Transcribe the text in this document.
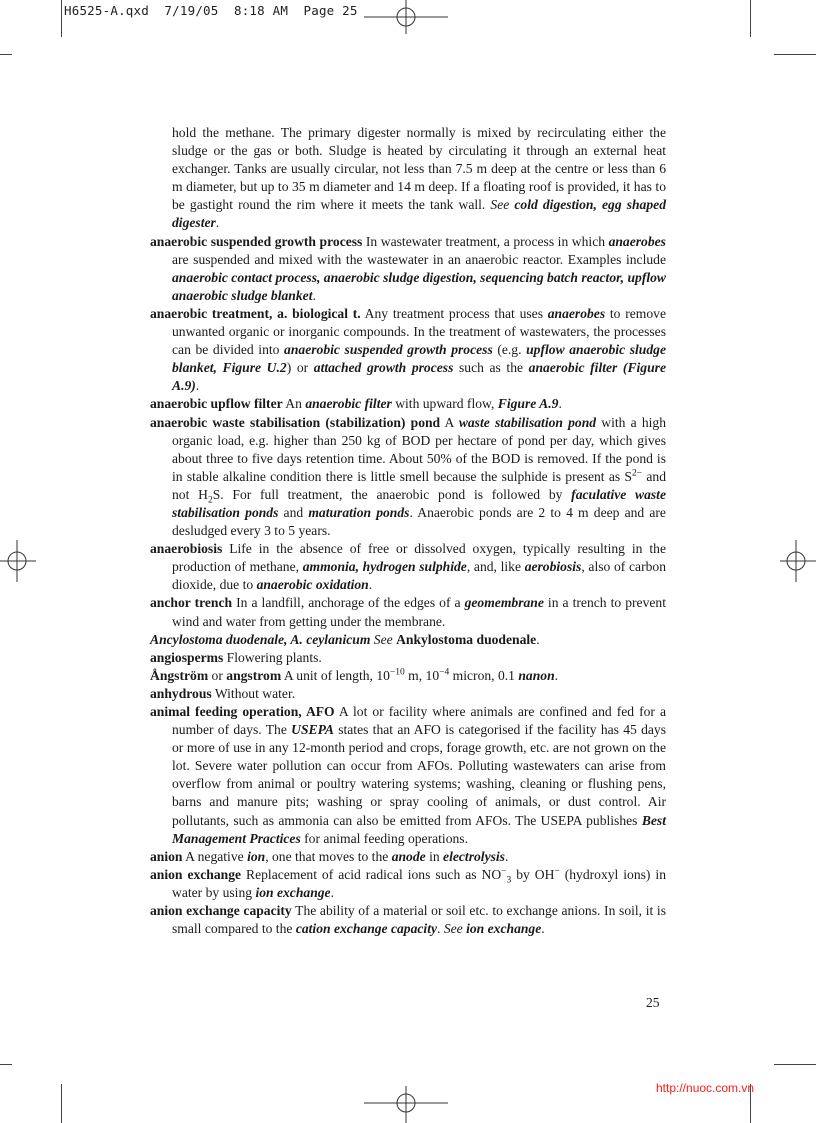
H6525-A.qxd  7/19/05  8:18 AM  Page 25

hold the methane. The primary digester normally is mixed by recirculating either the sludge or the gas or both. Sludge is heated by circulating it through an external heat exchanger. Tanks are usually circular, not less than 7.5 m deep at the centre or less than 6 m diameter, but up to 35 m diameter and 14 m deep. If a floating roof is provided, it has to be gastight round the rim where it meets the tank wall. See cold digestion, egg shaped digester.

anaerobic suspended growth process In wastewater treatment, a process in which anaerobes are suspended and mixed with the wastewater in an anaerobic reactor. Examples include anaerobic contact process, anaerobic sludge digestion, sequencing batch reactor, upflow anaerobic sludge blanket.

anaerobic treatment, a. biological t. Any treatment process that uses anaerobes to remove unwanted organic or inorganic compounds. In the treatment of wastewaters, the processes can be divided into anaerobic suspended growth process (e.g. upflow anaerobic sludge blanket, Figure U.2) or attached growth process such as the anaerobic filter (Figure A.9).

anaerobic upflow filter An anaerobic filter with upward flow, Figure A.9.

anaerobic waste stabilisation (stabilization) pond A waste stabilisation pond with a high organic load, e.g. higher than 250 kg of BOD per hectare of pond per day, which gives about three to five days retention time. About 50% of the BOD is removed. If the pond is in stable alkaline condition there is little smell because the sulphide is present as $S^{2-}$ and not $H_2S$. For full treatment, the anaerobic pond is followed by faculative waste stabilisation ponds and maturation ponds. Anaerobic ponds are 2 to 4 m deep and are desludged every 3 to 5 years.

anaerobiosis Life in the absence of free or dissolved oxygen, typically resulting in the production of methane, ammonia, hydrogen sulphide, and, like aerobiosis, also of carbon dioxide, due to anaerobic oxidation.

anchor trench In a landfill, anchorage of the edges of a geomembrane in a trench to prevent wind and water from getting under the membrane.

Ancylostoma duodenale, A. ceylanicum See Ankylostoma duodenale.

angiosperms Flowering plants.

Ångström or angstrom A unit of length, $10^{-10}$ m, $10^{-4}$ micron, 0.1 nanon.

anhydrous Without water.

animal feeding operation, AFO A lot or facility where animals are confined and fed for a number of days. The USEPA states that an AFO is categorised if the facility has 45 days or more of use in any 12-month period and crops, forage growth, etc. are not grown on the lot. Severe water pollution can occur from AFOs. Polluting wastewaters can arise from overflow from animal or poultry watering systems; washing, cleaning or flushing pens, barns and manure pits; washing or spray cooling of animals, or dust control. Air pollutants, such as ammonia can also be emitted from AFOs. The USEPA publishes Best Management Practices for animal feeding operations.

anion A negative ion, one that moves to the anode in electrolysis.

anion exchange Replacement of acid radical ions such as $NO^-_3$ by OH− (hydroxyl ions) in water by using ion exchange.

anion exchange capacity The ability of a material or soil etc. to exchange anions. In soil, it is small compared to the cation exchange capacity. See ion exchange.

25
http://nuoc.com.vn
